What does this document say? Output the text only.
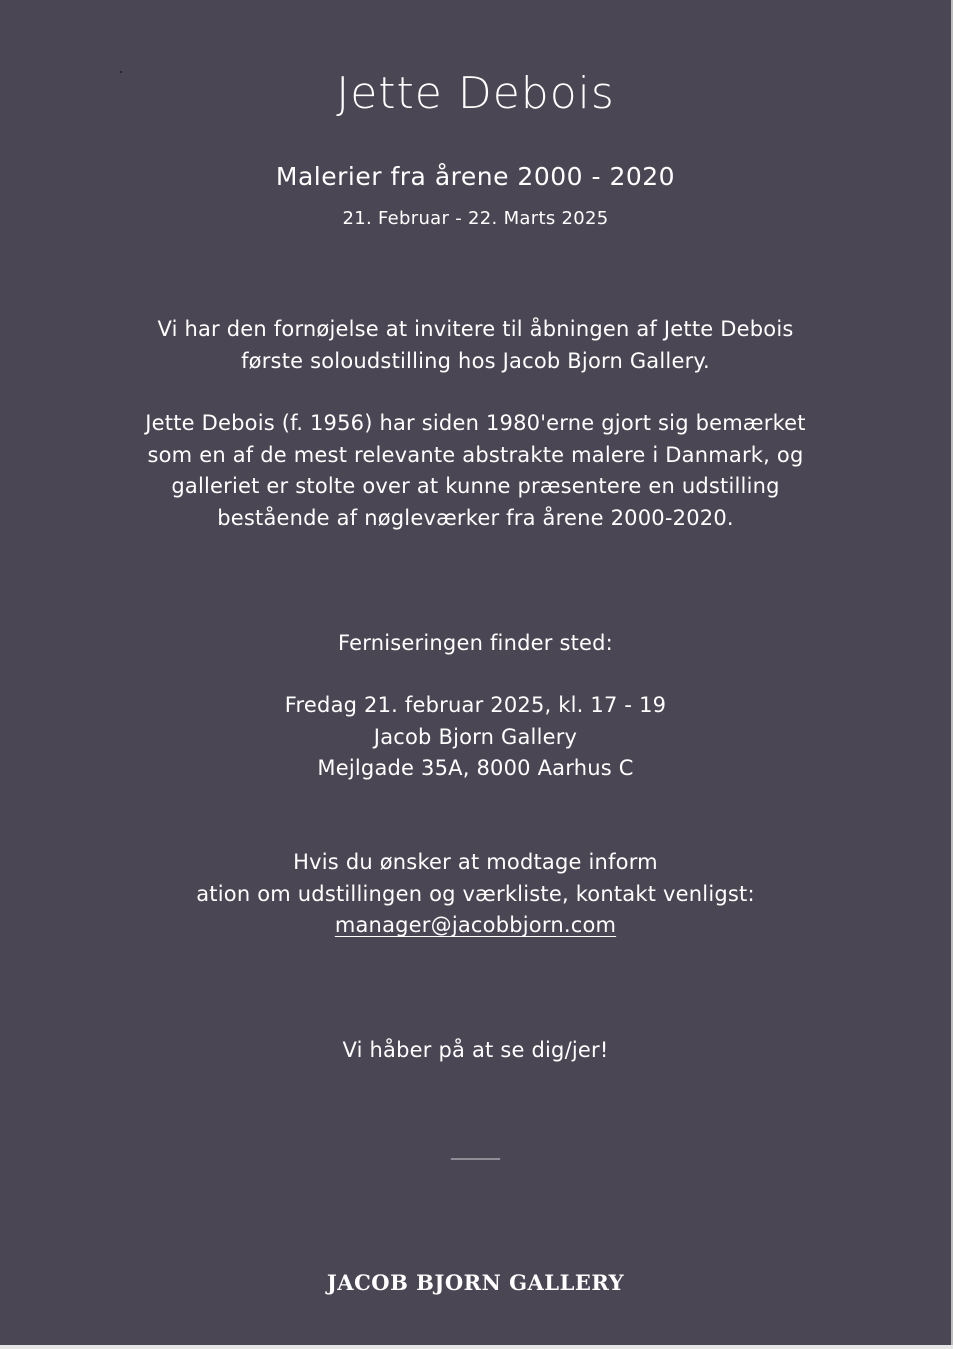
Jette Debois
Malerier fra årene 2000 - 2020
21. Februar - 22. Marts 2025
Vi har den fornøjelse at invitere til åbningen af Jette Debois
første soloudstilling hos Jacob Bjorn Gallery.
Jette Debois (f. 1956) har siden 1980'erne gjort sig bemærket
som en af de mest relevante abstrakte malere i Danmark, og
galleriet er stolte over at kunne præsentere en udstilling
bestående af nøgleværker fra årene 2000-2020.
Ferniseringen finder sted:
Fredag 21. februar 2025, kl. 17 - 19
Jacob Bjorn Gallery
Mejlgade 35A, 8000 Aarhus C
Hvis du ønsker at modtage inform
ation om udstillingen og værkliste, kontakt venligst:
manager@jacobbjorn.com
Vi håber på at se dig/jer!
_______
JACOB BJORN GALLERY
